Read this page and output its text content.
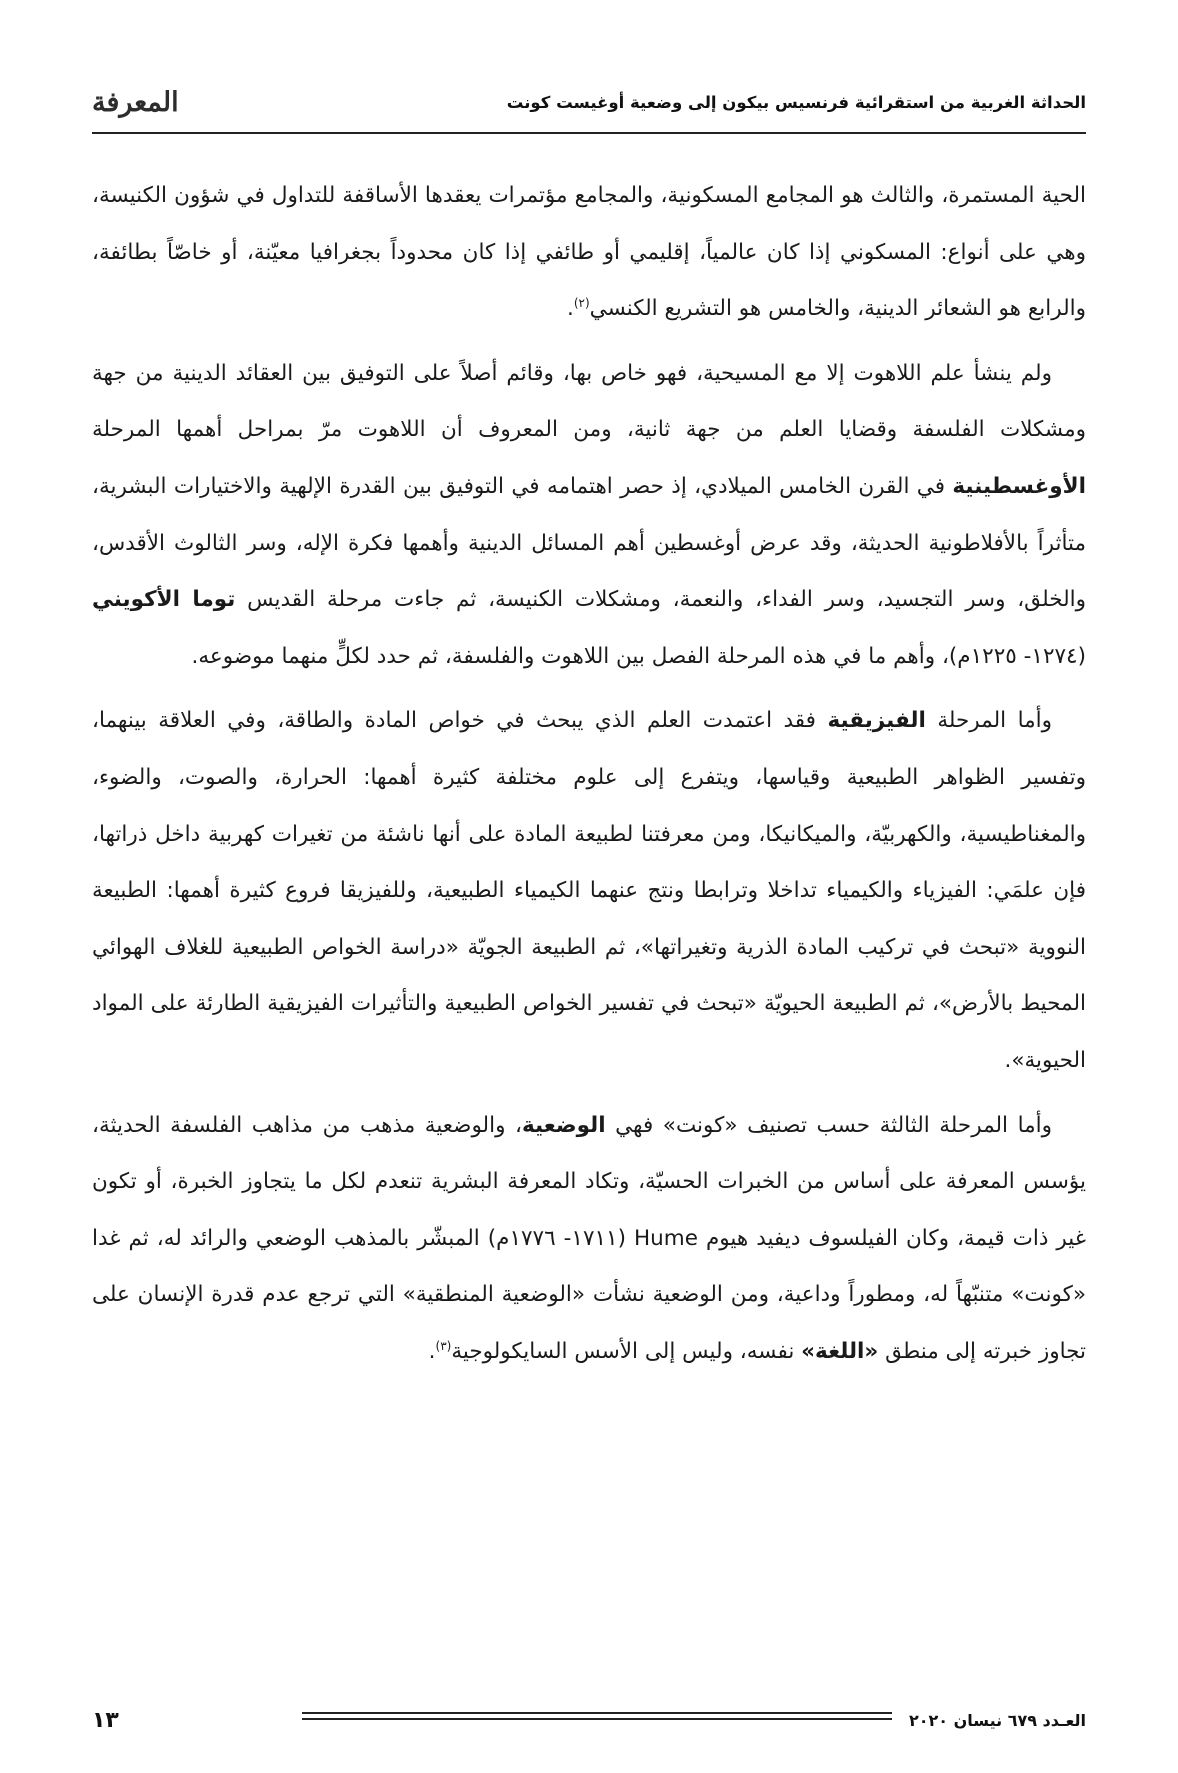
الحداثة الغربية من استقرائية فرنسيس بيكون إلى وضعية أوغيست كونت
المعرفة

الحية المستمرة، والثالث هو المجامع المسكونية، والمجامع مؤتمرات يعقدها الأساقفة للتداول في شؤون الكنيسة، وهي على أنواع: المسكوني إذا كان عالمياً، إقليمي أو طائفي إذا كان محدوداً بجغرافيا معيّنة، أو خاصّاً بطائفة، والرابع هو الشعائر الدينية، والخامس هو التشريع الكنسي$^{(٢)}$.

ولم ينشأ علم اللاهوت إلا مع المسيحية، فهو خاص بها، وقائم أصلاً على التوفيق بين العقائد الدينية من جهة ومشكلات الفلسفة وقضايا العلم من جهة ثانية، ومن المعروف أن اللاهوت مرّ بمراحل أهمها المرحلة الأوغسطينية في القرن الخامس الميلادي، إذ حصر اهتمامه في التوفيق بين القدرة الإلهية والاختيارات البشرية، متأثراً بالأفلاطونية الحديثة، وقد عرض أوغسطين أهم المسائل الدينية وأهمها فكرة الإله، وسر الثالوث الأقدس، والخلق، وسر التجسيد، وسر الفداء، والنعمة، ومشكلات الكنيسة، ثم جاءت مرحلة القديس توما الأكويني (١٢٧٤- ١٢٢٥م)، وأهم ما في هذه المرحلة الفصل بين اللاهوت والفلسفة، ثم حدد لكلٍّ منهما موضوعه.

وأما المرحلة الفيزيقية فقد اعتمدت العلم الذي يبحث في خواص المادة والطاقة، وفي العلاقة بينهما، وتفسير الظواهر الطبيعية وقياسها، ويتفرع إلى علوم مختلفة كثيرة أهمها: الحرارة، والصوت، والضوء، والمغناطيسية، والكهربيّة، والميكانيكا، ومن معرفتنا لطبيعة المادة على أنها ناشئة من تغيرات كهربية داخل ذراتها، فإن علمَي: الفيزياء والكيمياء تداخلا وترابطا ونتج عنهما الكيمياء الطبيعية، وللفيزيقا فروع كثيرة أهمها: الطبيعة النووية «تبحث في تركيب المادة الذرية وتغيراتها»، ثم الطبيعة الجويّة «دراسة الخواص الطبيعية للغلاف الهوائي المحيط بالأرض»، ثم الطبيعة الحيويّة «تبحث في تفسير الخواص الطبيعية والتأثيرات الفيزيقية الطارئة على المواد الحيوية».

وأما المرحلة الثالثة حسب تصنيف «كونت» فهي الوضعية، والوضعية مذهب من مذاهب الفلسفة الحديثة، يؤسس المعرفة على أساس من الخبرات الحسيّة، وتكاد المعرفة البشرية تنعدم لكل ما يتجاوز الخبرة، أو تكون غير ذات قيمة، وكان الفيلسوف ديفيد هيوم Hume (١٧١١- ١٧٧٦م) المبشّر بالمذهب الوضعي والرائد له، ثم غدا «كونت» متنبّهاً له، ومطوراً وداعية، ومن الوضعية نشأت «الوضعية المنطقية» التي ترجع عدم قدرة الإنسان على تجاوز خبرته إلى منطق «اللغة» نفسه، وليس إلى الأسس السايكولوجية$^{(٣)}$.

العـدد ٦٧٩ نيسان ٢٠٢٠
١٣
